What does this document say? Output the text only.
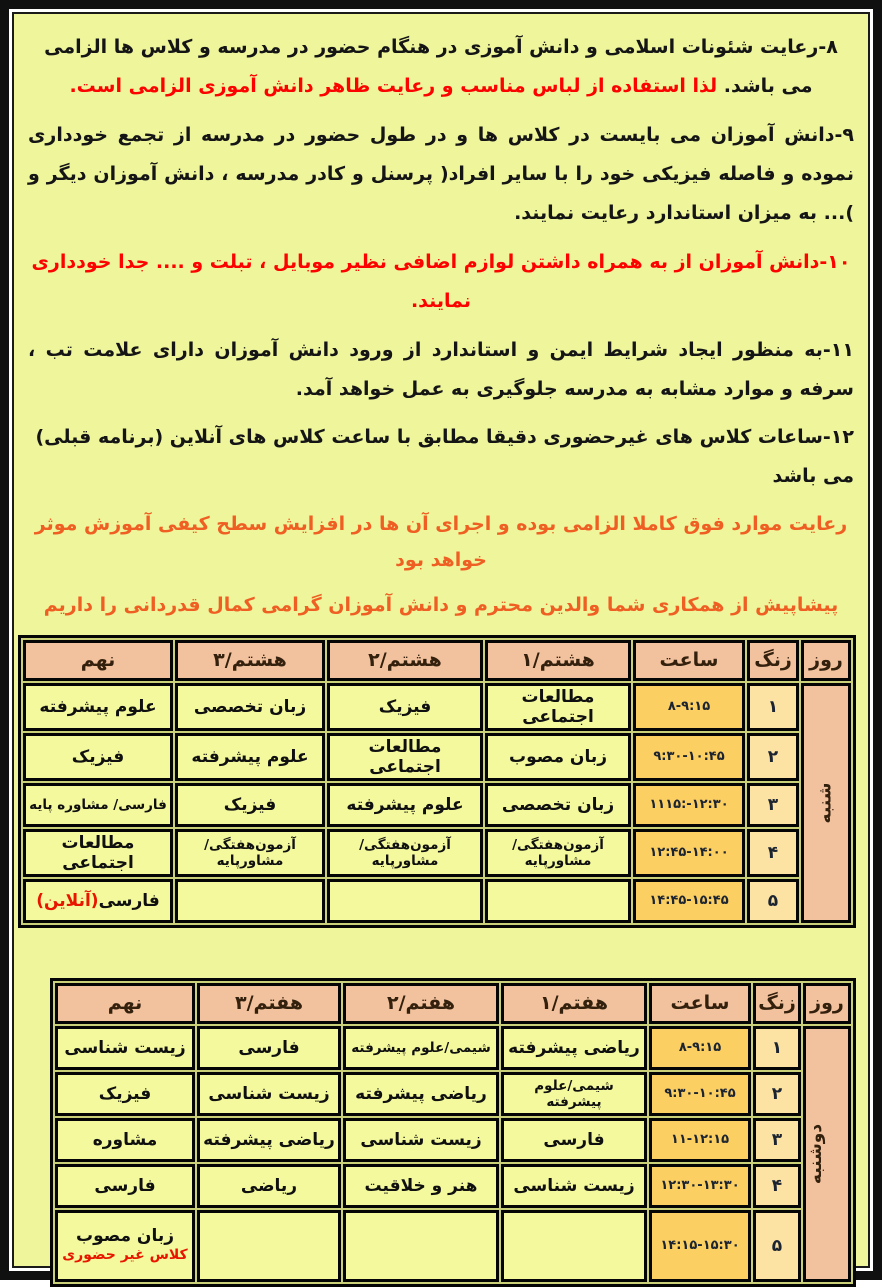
۸-رعایت شئونات اسلامی و دانش آموزی در هنگام حضور در مدرسه و کلاس ها الزامی می باشد. لذا استفاده از لباس مناسب و رعایت ظاهر دانش آموزی الزامی است.

۹-دانش آموزان می بایست در کلاس ها و در طول حضور در مدرسه از تجمع خودداری نموده و فاصله فیزیکی خود را با سایر افراد( پرسنل و کادر مدرسه ، دانش آموزان دیگر و )... به میزان استاندارد رعایت نمایند.

۱۰-دانش آموزان از به همراه داشتن لوازم اضافی نظیر موبایل ، تبلت و .... جدا خودداری نمایند.

۱۱-به منظور ایجاد شرایط ایمن و استاندارد از ورود دانش آموزان دارای علامت تب ، سرفه و موارد مشابه به مدرسه جلوگیری به عمل خواهد آمد.

۱۲-ساعات کلاس های غیرحضوری دقیقا مطابق با ساعت کلاس های آنلاین (برنامه قبلی) می باشد

رعایت موارد فوق کاملا الزامی بوده و اجرای آن ها در افزایش سطح کیفی آموزش موثر خواهد بود

پیشاپیش از همکاری شما والدین محترم و دانش آموزان گرامی کمال قدردانی را داریم

روز	زنگ	ساعت	هشتم/۱	هشتم/۲	هشتم/۳	نهم
شنبه	۱	۸-۹:۱۵	مطالعات اجتماعی	فیزیک	زبان تخصصی	علوم پیشرفته
	۲	۹:۳۰-۱۰:۴۵	زبان مصوب	مطالعات اجتماعی	علوم پیشرفته	فیزیک
	۳	۱۱۱۵:-۱۲:۳۰	زبان تخصصی	علوم پیشرفته	فیزیک	فارسی/ مشاوره پایه
	۴	۱۲:۴۵-۱۴:۰۰	آزمون‌هفتگی/مشاورپایه	آزمون‌هفتگی/مشاورپایه	آزمون‌هفتگی/مشاورپایه	مطالعات اجتماعی
	۵	۱۴:۴۵-۱۵:۴۵				فارسی(آنلاین)
روز	زنگ	ساعت	هفتم/۱	هفتم/۲	هفتم/۳	نهم
دوشنبه	۱	۸-۹:۱۵	ریاضی پیشرفته	شیمی/علوم پیشرفته	فارسی	زیست شناسی
	۲	۹:۳۰-۱۰:۴۵	شیمی/علوم پیشرفته	ریاضی پیشرفته	زیست شناسی	فیزیک
	۳	۱۱-۱۲:۱۵	فارسی	زیست شناسی	ریاضی پیشرفته	مشاوره
	۴	۱۲:۳۰-۱۳:۳۰	زیست شناسی	هنر و خلاقیت	ریاضی	فارسی
	۵	۱۴:۱۵-۱۵:۳۰				زبان مصوب
کلاس غیر حضوری
